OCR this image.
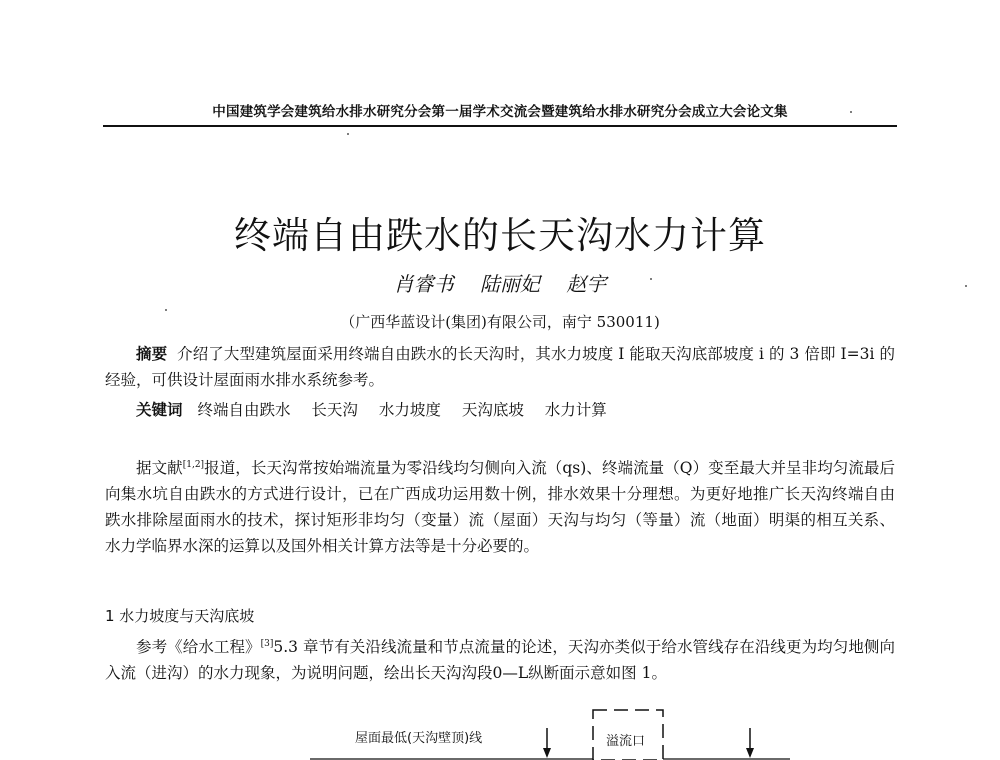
中国建筑学会建筑给水排水研究分会第一届学术交流会暨建筑给水排水研究分会成立大会论文集
终端自由跌水的长天沟水力计算
肖睿书 陆丽妃 赵宇
（广西华蓝设计(集团)有限公司，南宁 530011)
摘要 介绍了大型建筑屋面采用终端自由跌水的长天沟时，其水力坡度 I 能取天沟底部坡度 i 的 3 倍即 I=3i 的经验，可供设计屋面雨水排水系统参考。
关键词 终端自由跌水 长天沟 水力坡度 天沟底坡 水力计算
据文献[1,2]报道，长天沟常按始端流量为零沿线均匀侧向入流（qs)、终端流量（Q）变至最大并呈非均匀流最后向集水坑自由跌水的方式进行设计，已在广西成功运用数十例，排水效果十分理想。为更好地推广长天沟终端自由跌水排除屋面雨水的技术，探讨矩形非均匀（变量）流（屋面）天沟与均匀（等量）流（地面）明渠的相互关系、水力学临界水深的运算以及国外相关计算方法等是十分必要的。
1 水力坡度与天沟底坡
参考《给水工程》[3]5.3 章节有关沿线流量和节点流量的论述，天沟亦类似于给水管线存在沿线更为均匀地侧向入流（进沟）的水力现象，为说明问题，绘出长天沟沟段0—L纵断面示意如图 1。
溢流口
屋面最低(天沟壁顶)线
